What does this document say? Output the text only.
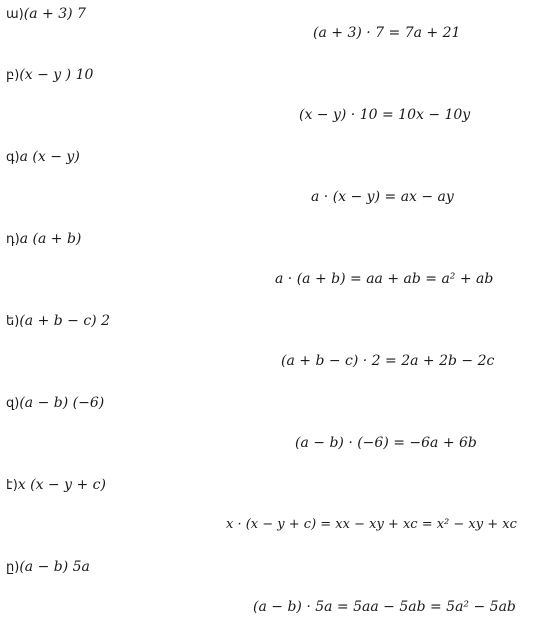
ա)(a + 3) 7
(a + 3) · 7 = 7a + 21
բ)(x − y ) 10
(x − y) · 10 = 10x − 10y
գ)a (x − y)
a · (x − y) = ax − ay
դ)a (a + b)
a · (a + b) = aa + ab = a² + ab
ե)(a + b − c) 2
(a + b − c) · 2 = 2a + 2b − 2c
զ)(a − b) (−6)
(a − b) · (−6) = −6a + 6b
է)x (x − y + c)
x · (x − y + c) = xx − xy + xc = x² − xy + xc
ը)(a − b) 5a
(a − b) · 5a = 5aa − 5ab = 5a² − 5ab
